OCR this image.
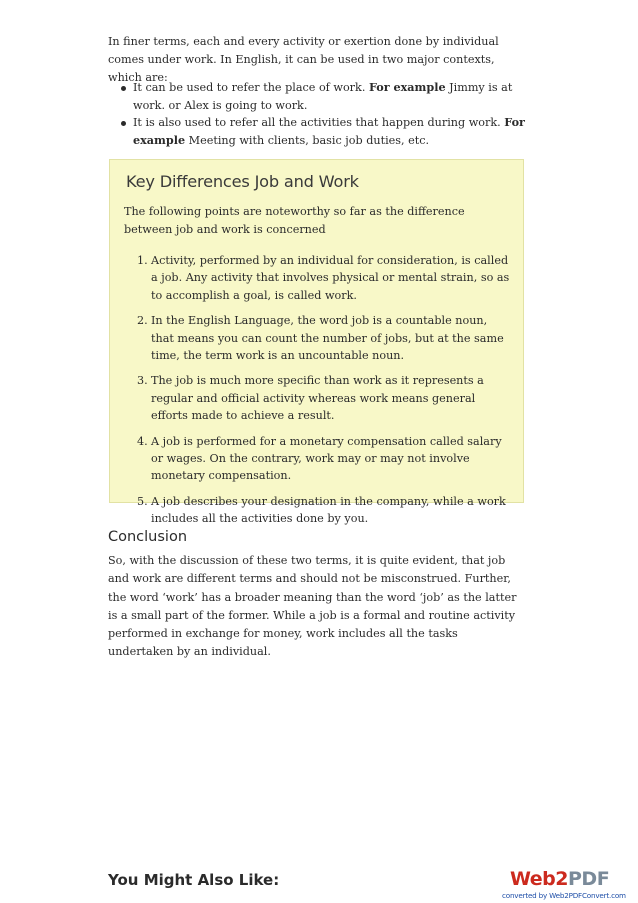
In finer terms, each and every activity or exertion done by individual comes under work. In English, it can be used in two major contexts, which are:

It can be used to refer the place of work. For example Jimmy is at work. or Alex is going to work.
It is also used to refer all the activities that happen during work. For example Meeting with clients, basic job duties, etc.
Key Differences Job and Work

The following points are noteworthy so far as the difference between job and work is concerned

1. Activity, performed by an individual for consideration, is called a job. Any activity that involves physical or mental strain, so as to accomplish a goal, is called work.
2. In the English Language, the word job is a countable noun, that means you can count the number of jobs, but at the same time, the term work is an uncountable noun.
3. The job is much more specific than work as it represents a regular and official activity whereas work means general efforts made to achieve a result.
4. A job is performed for a monetary compensation called salary or wages. On the contrary, work may or may not involve monetary compensation.
5. A job describes your designation in the company, while a work includes all the activities done by you.
Conclusion

So, with the discussion of these two terms, it is quite evident, that job and work are different terms and should not be misconstrued. Further, the word ‘work’ has a broader meaning than the word ‘job’ as the latter is a small part of the former. While a job is a formal and routine activity performed in exchange for money, work includes all the tasks undertaken by an individual.

You Might Also Like:	Web2PDF
converted by Web2PDFConvert.com
